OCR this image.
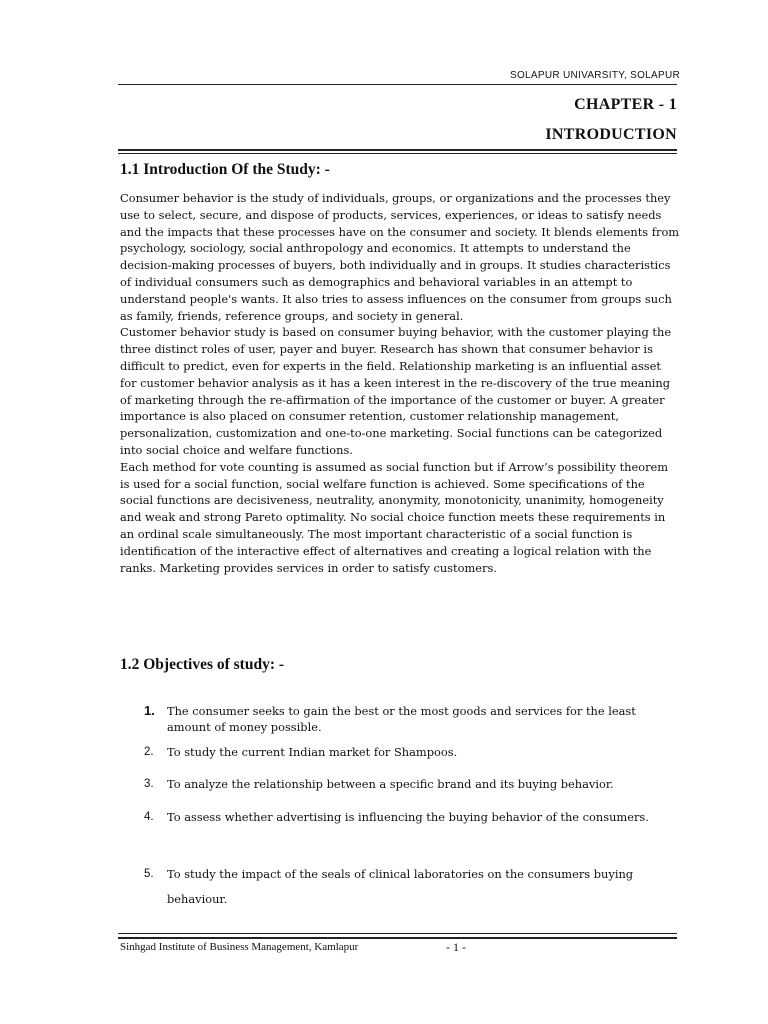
SOLAPUR UNIVARSITY, SOLAPUR
CHAPTER - 1
INTRODUCTION
1.1 Introduction Of the Study: -

Consumer behavior is the study of individuals, groups, or organizations and the processes they use to select, secure, and dispose of products, services, experiences, or ideas to satisfy needs and the impacts that these processes have on the consumer and society. It blends elements from psychology, sociology, social anthropology and economics. It attempts to understand the decision-making processes of buyers, both individually and in groups. It studies characteristics of individual consumers such as demographics and behavioral variables in an attempt to understand people's wants. It also tries to assess influences on the consumer from groups such as family, friends, reference groups, and society in general.

Customer behavior study is based on consumer buying behavior, with the customer playing the three distinct roles of user, payer and buyer. Research has shown that consumer behavior is difficult to predict, even for experts in the field. Relationship marketing is an influential asset for customer behavior analysis as it has a keen interest in the re-discovery of the true meaning of marketing through the re-affirmation of the importance of the customer or buyer. A greater importance is also placed on consumer retention, customer relationship management, personalization, customization and one-to-one marketing. Social functions can be categorized into social choice and welfare functions.

Each method for vote counting is assumed as social function but if Arrow’s possibility theorem is used for a social function, social welfare function is achieved. Some specifications of the social functions are decisiveness, neutrality, anonymity, monotonicity, unanimity, homogeneity and weak and strong Pareto optimality. No social choice function meets these requirements in an ordinal scale simultaneously. The most important characteristic of a social function is identification of the interactive effect of alternatives and creating a logical relation with the ranks. Marketing provides services in order to satisfy customers.

1.2 Objectives of study: -
1. The consumer seeks to gain the best or the most goods and services for the least amount of money possible.
2. To study the current Indian market for Shampoos.
3. To analyze the relationship between a specific brand and its buying behavior.
4. To assess whether advertising is influencing the buying behavior of the consumers.
5. To study the impact of the seals of clinical laboratories on the consumers buying behaviour.
Sinhgad Institute of Business Management, Kamlapur	- 1 -
